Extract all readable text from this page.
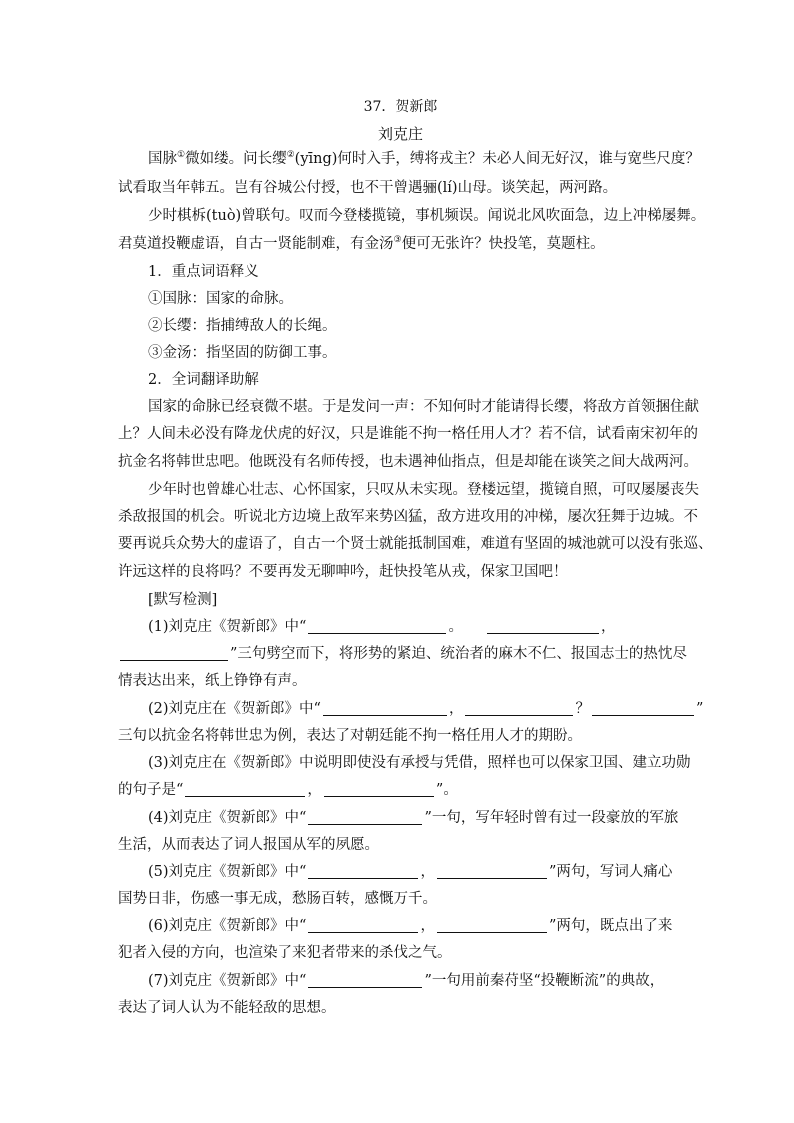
37．贺新郎
刘克庄
国脉①微如缕。问长缨②(yīng)何时入手，缚将戎主？未必人间无好汉，谁与宽些尺度？
试看取当年韩五。岂有谷城公付授，也不干曾遇骊(lí)山母。谈笑起，两河路。
少时棋柝(tuò)曾联句。叹而今登楼揽镜，事机频误。闻说北风吹面急，边上冲梯屡舞。
君莫道投鞭虚语，自古一贤能制难，有金汤③便可无张许？快投笔，莫题柱。
1．重点词语释义
①国脉：国家的命脉。
②长缨：指捕缚敌人的长绳。
③金汤：指坚固的防御工事。
2．全词翻译助解
国家的命脉已经衰微不堪。于是发问一声：不知何时才能请得长缨，将敌方首领捆住献
上？人间未必没有降龙伏虎的好汉，只是谁能不拘一格任用人才？若不信，试看南宋初年的
抗金名将韩世忠吧。他既没有名师传授，也未遇神仙指点，但是却能在谈笑之间大战两河。
少年时也曾雄心壮志、心怀国家，只叹从未实现。登楼远望，揽镜自照，可叹屡屡丧失
杀敌报国的机会。听说北方边境上敌军来势凶猛，敌方进攻用的冲梯，屡次狂舞于边城。不
要再说兵众势大的虚语了，自古一个贤士就能抵制国难，难道有坚固的城池就可以没有张巡、
许远这样的良将吗？不要再发无聊呻吟，赶快投笔从戎，保家卫国吧！
[默写检测]
(1)刘克庄《贺新郎》中“	。	，
”三句劈空而下，将形势的紧迫、统治者的麻木不仁、报国志士的热忱尽
情表达出来，纸上铮铮有声。
(2)刘克庄在《贺新郎》中“	，	？	”
三句以抗金名将韩世忠为例，表达了对朝廷能不拘一格任用人才的期盼。
(3)刘克庄在《贺新郎》中说明即使没有承授与凭借，照样也可以保家卫国、建立功勋
的句子是“	，	”。
(4)刘克庄《贺新郎》中“	”一句，写年轻时曾有过一段豪放的军旅
生活，从而表达了词人报国从军的夙愿。
(5)刘克庄《贺新郎》中“	，	”两句，写词人痛心
国势日非，伤感一事无成，愁肠百转，感慨万千。
(6)刘克庄《贺新郎》中“	，	”两句，既点出了来
犯者入侵的方向，也渲染了来犯者带来的杀伐之气。
(7)刘克庄《贺新郎》中“	”一句用前秦苻坚“投鞭断流”的典故，
表达了词人认为不能轻敌的思想。
